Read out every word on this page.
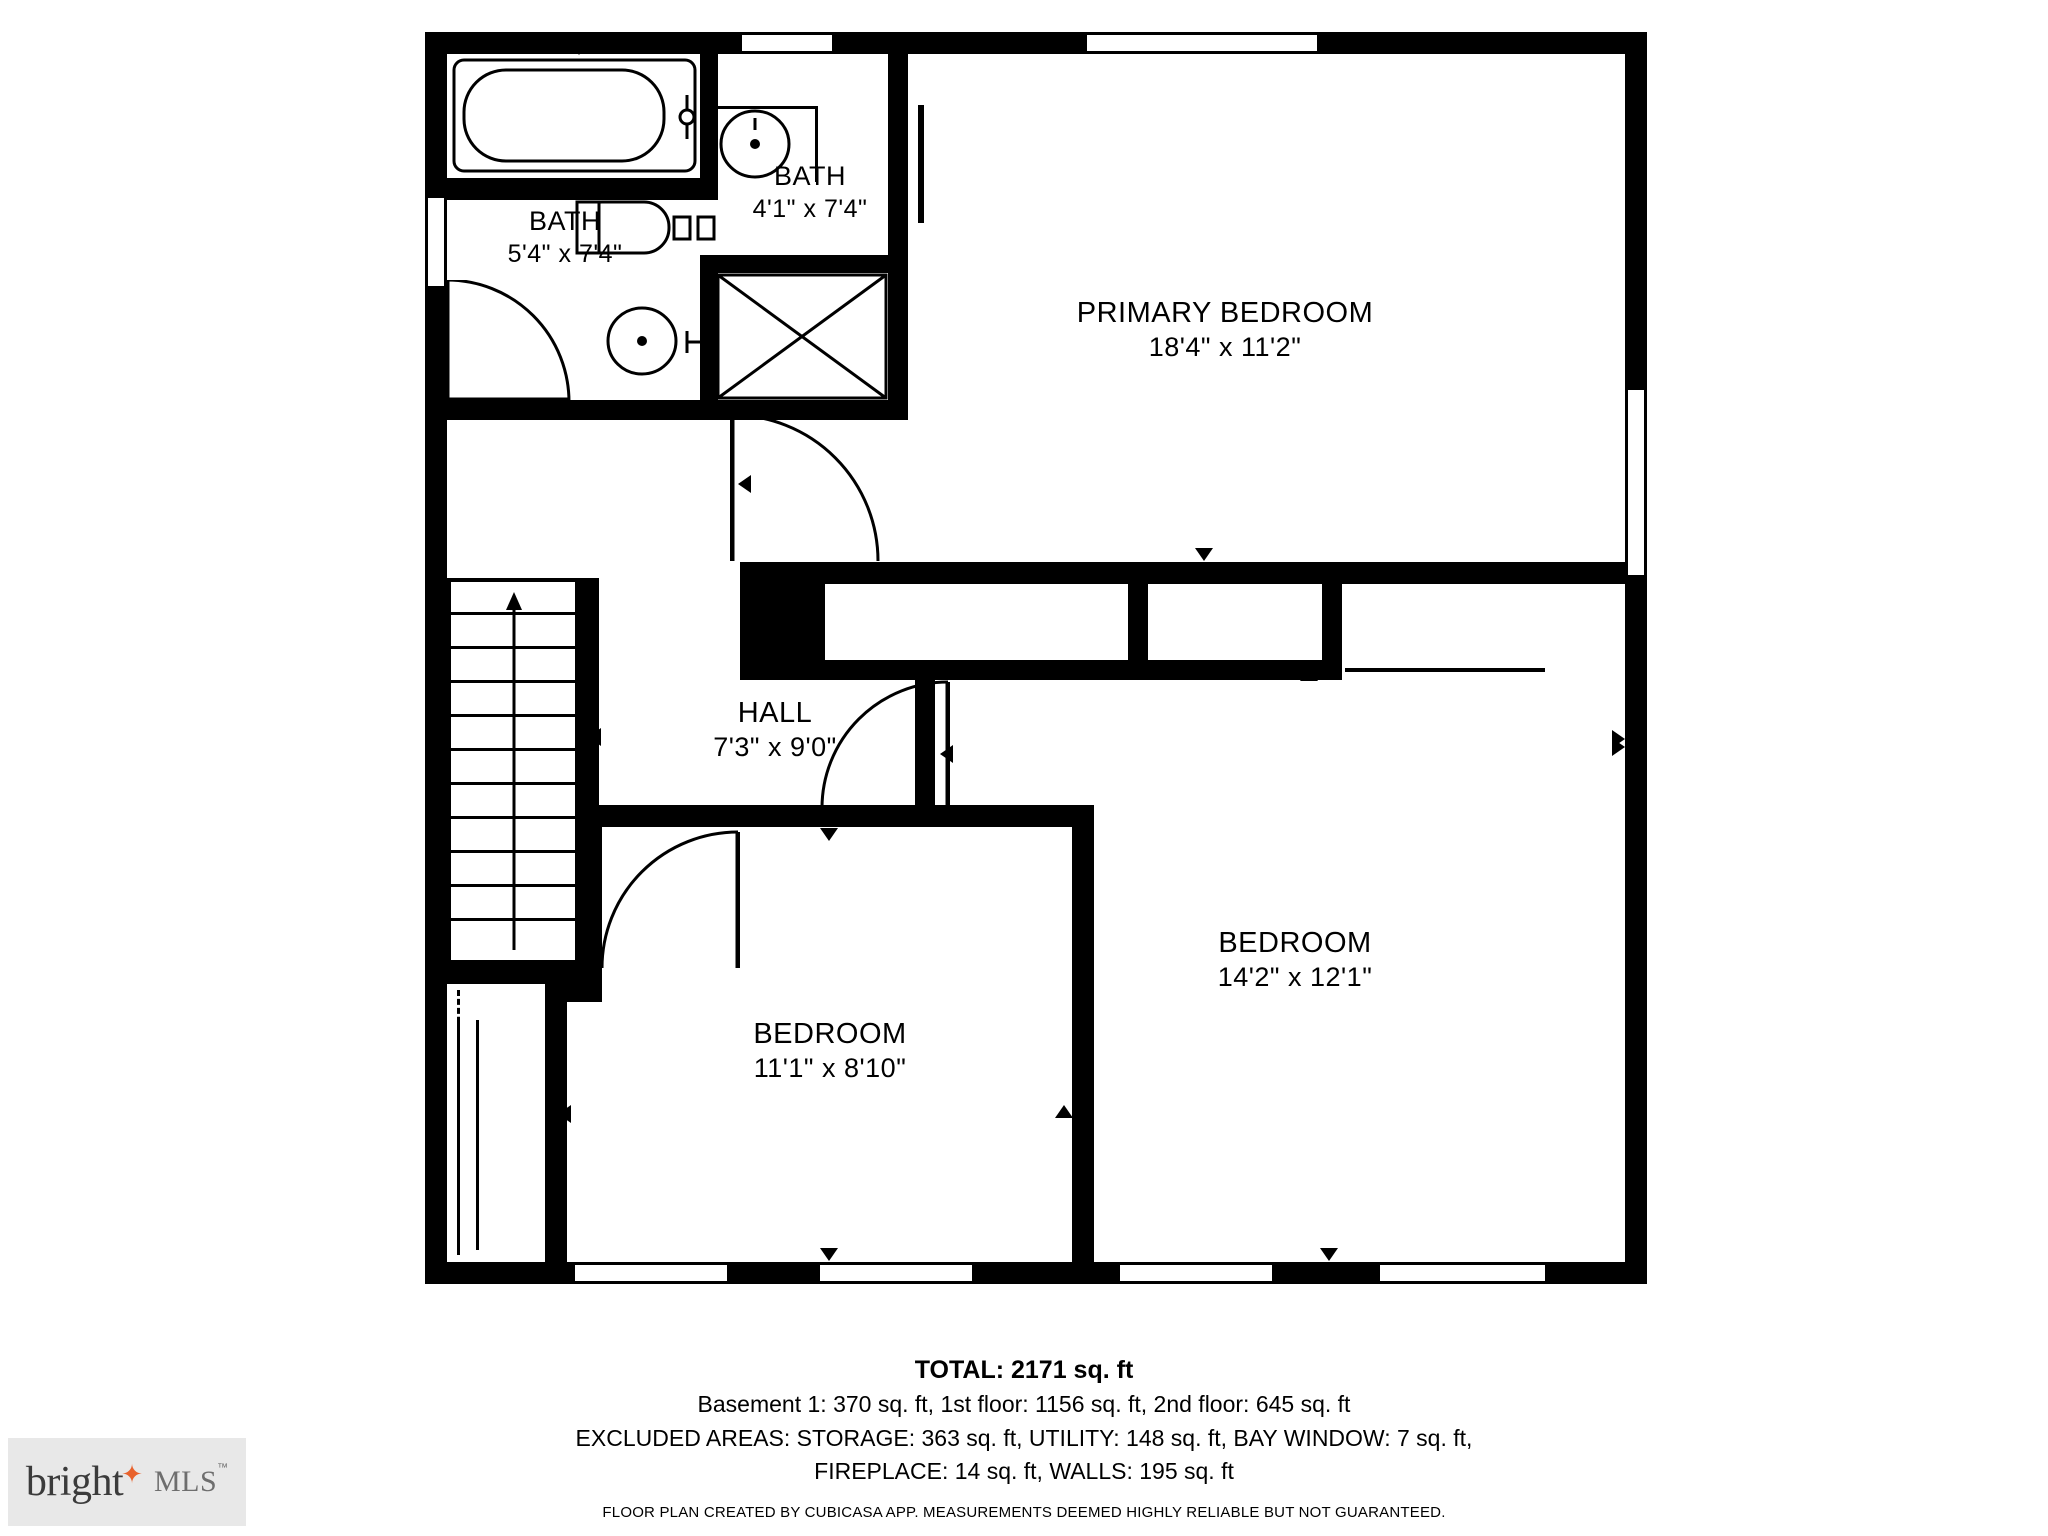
BATH
4'1" x 7'4"
BATH
5'4" x 7'4"
PRIMARY BEDROOM
18'4" x 11'2"
HALL
7'3" x 9'0"
BEDROOM
14'2" x 12'1"
BEDROOM
11'1" x 8'10"
TOTAL: 2171 sq. ft
Basement 1: 370 sq. ft, 1st floor: 1156 sq. ft, 2nd floor: 645 sq. ft
EXCLUDED AREAS: STORAGE: 363 sq. ft, UTILITY: 148 sq. ft, BAY WINDOW: 7 sq. ft,
FIREPLACE: 14 sq. ft, WALLS: 195 sq. ft
FLOOR PLAN CREATED BY CUBICASA APP. MEASUREMENTS DEEMED HIGHLY RELIABLE BUT NOT GUARANTEED.
bright
✦ MLS ™
